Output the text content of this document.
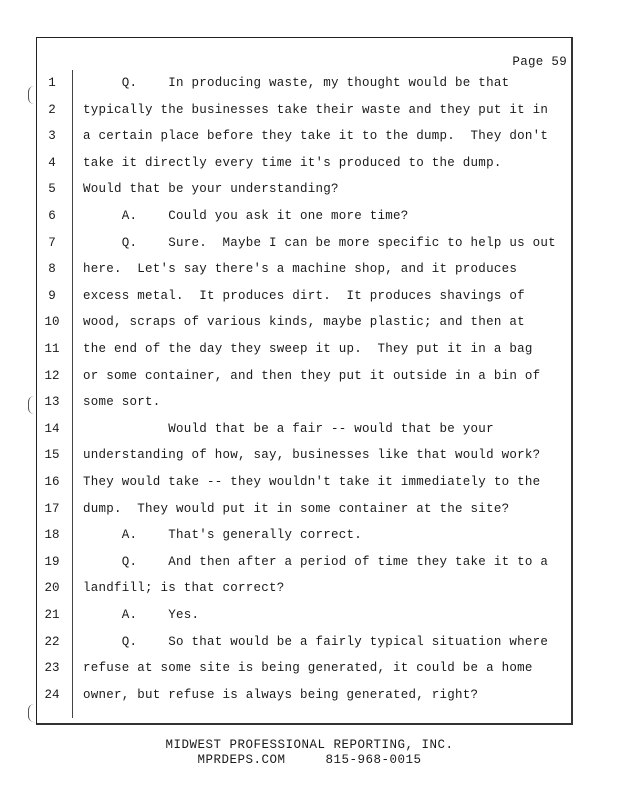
Page 59
1	Q.    In producing waste, my thought would be that
2	typically the businesses take their waste and they put it in
3	a certain place before they take it to the dump.  They don't
4	take it directly every time it's produced to the dump.
5	Would that be your understanding?
6	A.    Could you ask it one more time?
7	Q.    Sure.  Maybe I can be more specific to help us out
8	here.  Let's say there's a machine shop, and it produces
9	excess metal.  It produces dirt.  It produces shavings of
10	wood, scraps of various kinds, maybe plastic; and then at
11	the end of the day they sweep it up.  They put it in a bag
12	or some container, and then they put it outside in a bin of
13	some sort.
14	Would that be a fair -- would that be your
15	understanding of how, say, businesses like that would work?
16	They would take -- they wouldn't take it immediately to the
17	dump.  They would put it in some container at the site?
18	A.    That's generally correct.
19	Q.    And then after a period of time they take it to a
20	landfill; is that correct?
21	A.    Yes.
22	Q.    So that would be a fairly typical situation where
23	refuse at some site is being generated, it could be a home
24	owner, but refuse is always being generated, right?
MIDWEST PROFESSIONAL REPORTING, INC.
MPRDEPS.COM     815-968-0015
